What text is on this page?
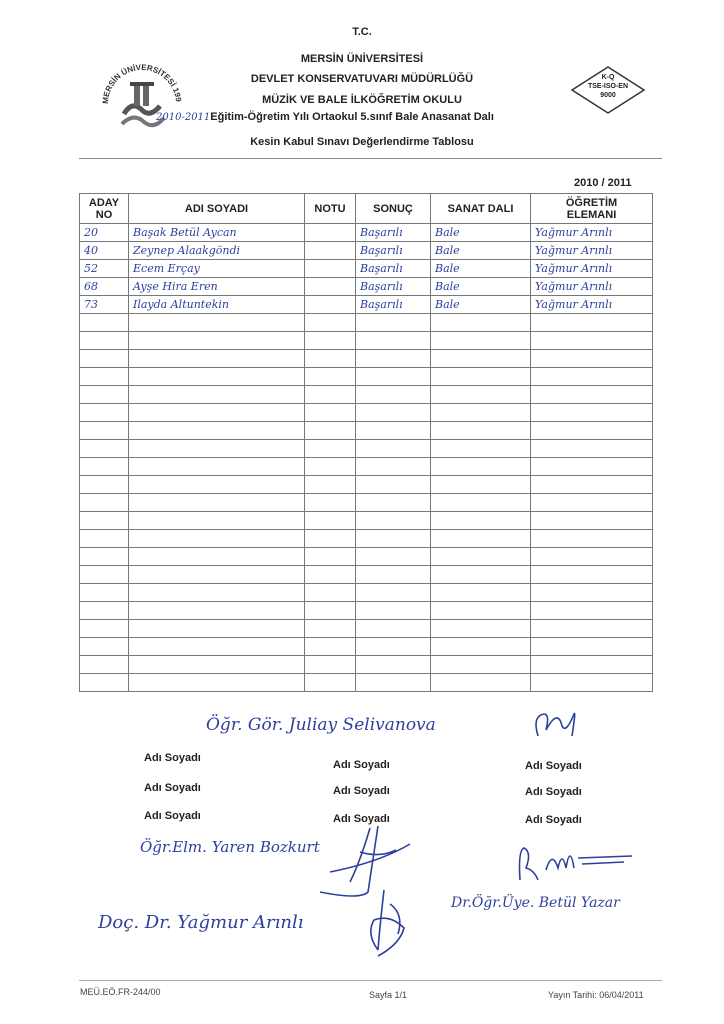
MERSİN ÜNİVERSİTESİ 199
T.C.
MERSİN ÜNİVERSİTESİ
DEVLET KONSERVATUVARI MÜDÜRLÜĞÜ
MÜZİK VE BALE İLKÖĞRETİM OKULU
2010-2011Eğitim-Öğretim Yılı Ortaokul 5.sınıf Bale Anasanat Dalı
Kesin Kabul Sınavı Değerlendirme Tablosu
K-Q
TSE-ISO-EN
9000
2010 / 2011
ADAY
NO	ADI SOYADI	NOTU	SONUÇ	SANAT DALI	ÖĞRETİM
ELEMANI
20	Başak Betül Aycan		Başarılı	Bale	Yağmur Arınlı
40	Zeynep Alaakgöndi		Başarılı	Bale	Yağmur Arınlı
52	Ecem Erçay		Başarılı	Bale	Yağmur Arınlı
68	Ayşe Hira Eren		Başarılı	Bale	Yağmur Arınlı
73	Ilayda Altuntekin		Başarılı	Bale	Yağmur Arınlı

Öğr. Gör. Juliay Selivanova
Adı Soyadı
Adı Soyadı	Adı Soyadı
Adı Soyadı	Adı Soyadı	Adı Soyadı
Adı Soyadı	Adı Soyadı	Adı Soyadı
Öğr.Elm. Yaren Bozkurt
Dr.Öğr.Üye. Betül Yazar
Doç. Dr. Yağmur Arınlı
MEÜ.EÖ.FR-244/00	Sayfa 1/1	Yayın Tarihi: 06/04/2011
